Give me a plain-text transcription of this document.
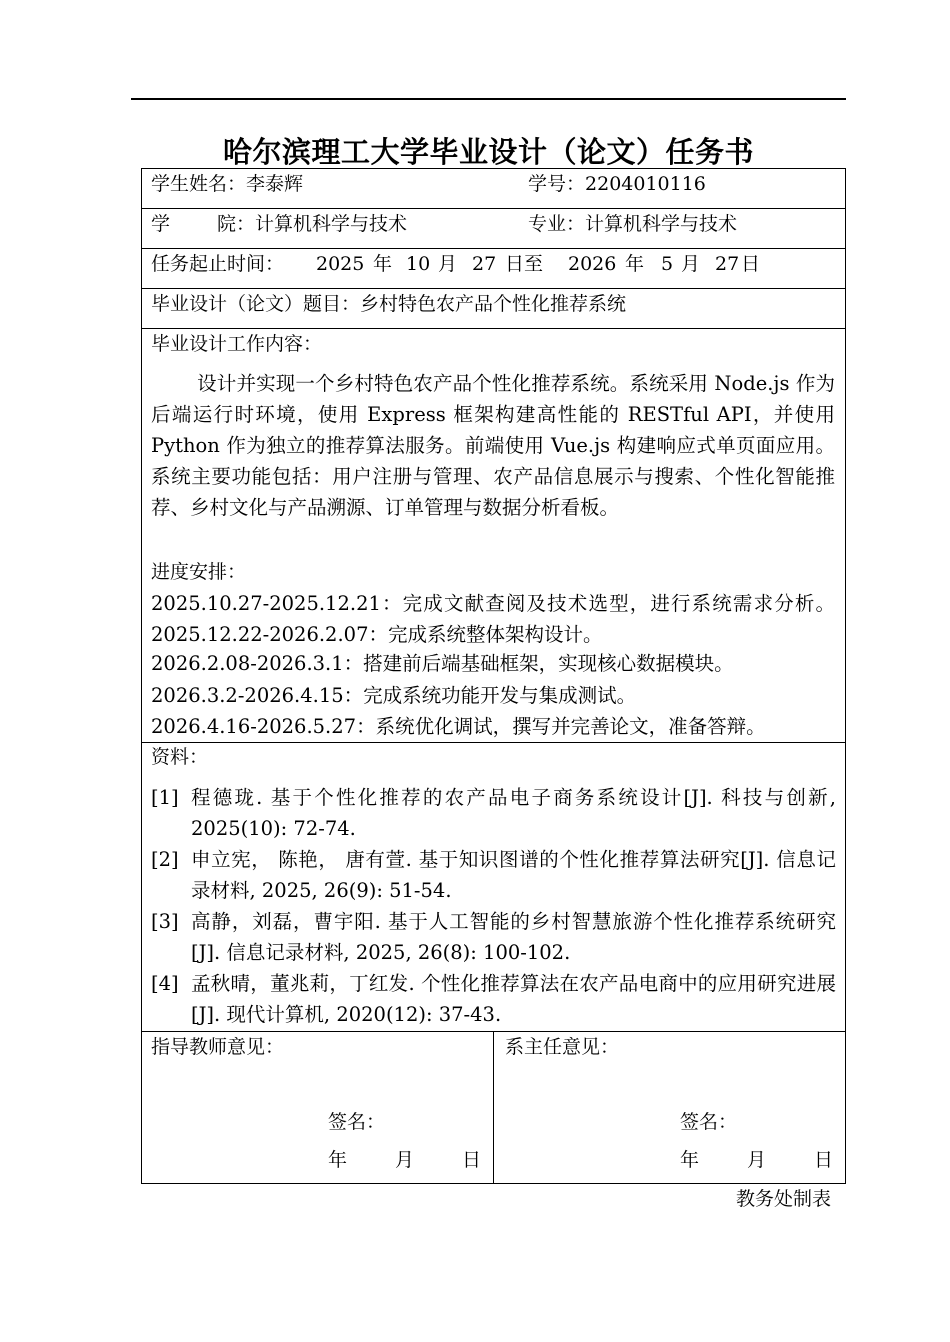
哈尔滨理工大学毕业设计（论文）任务书
学生姓名：李泰辉	学号：2204010116
学 院：计算机科学与技术	专业：计算机科学与技术
任务起止时间： 2025 年 10 月 27 日至 2026 年 5 月 27 日
毕业设计（论文）题目：乡村特色农产品个性化推荐系统
毕业设计工作内容：
设计并实现一个乡村特色农产品个性化推荐系统。系统采用 Node.js 作为后端运行时环境，使用 Express 框架构建高性能的 RESTful API，并使用 Python 作为独立的推荐算法服务。前端使用 Vue.js 构建响应式单页面应用。系统主要功能包括：用户注册与管理、农产品信息展示与搜索、个性化智能推荐、乡村文化与产品溯源、订单管理与数据分析看板。
进度安排：
2025.10.27-2025.12.21：完成文献查阅及技术选型，进行系统需求分析。2025.12.22-2026.2.07：完成系统整体架构设计。
2026.2.08-2026.3.1：搭建前后端基础框架，实现核心数据模块。
2026.3.2-2026.4.15：完成系统功能开发与集成测试。
2026.4.16-2026.5.27：系统优化调试，撰写并完善论文，准备答辩。
资料：
[1] 程德珑. 基于个性化推荐的农产品电子商务系统设计[J]. 科技与创新, 2025(10): 72-74.
[2] 申立宪， 陈艳， 唐有萱. 基于知识图谱的个性化推荐算法研究[J]. 信息记录材料, 2025, 26(9): 51-54.
[3] 高静，刘磊，曹宇阳. 基于人工智能的乡村智慧旅游个性化推荐系统研究[J]. 信息记录材料, 2025, 26(8): 100-102.
[4] 孟秋晴，董兆莉，丁红发. 个性化推荐算法在农产品电商中的应用研究进展[J]. 现代计算机, 2020(12): 37-43.
指导教师意见：
签名：
年	月	日
系主任意见：
签名：
年	月	日
教务处制表
